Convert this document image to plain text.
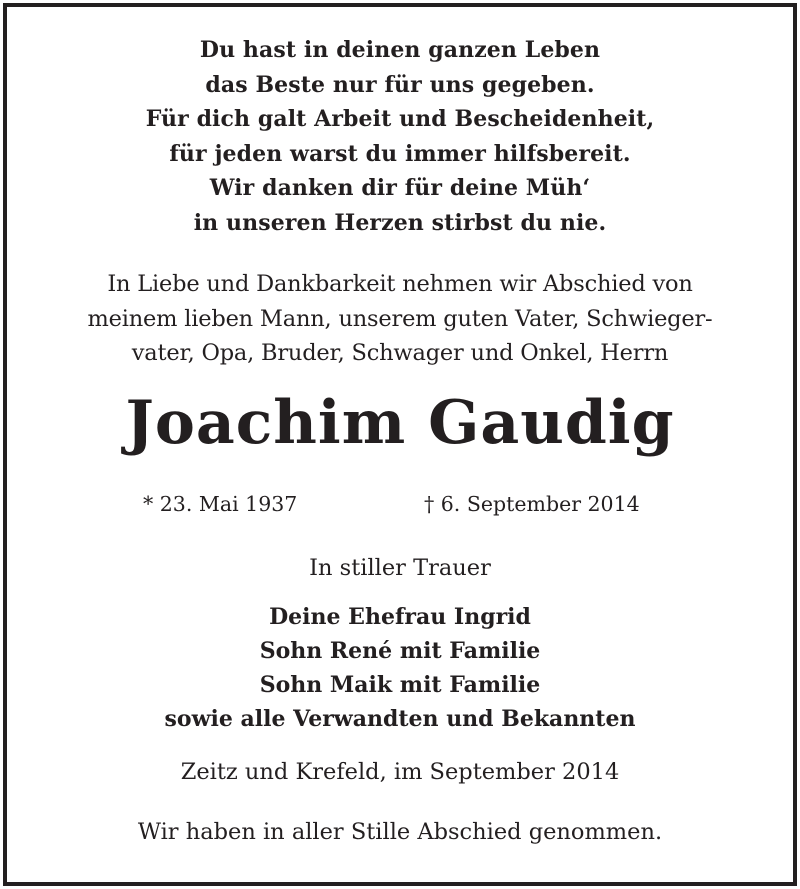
Du hast in deinen ganzen Leben

das Beste nur für uns gegeben.

Für dich galt Arbeit und Bescheidenheit,

für jeden warst du immer hilfsbereit.

Wir danken dir für deine Müh‘

in unseren Herzen stirbst du nie.

In Liebe und Dankbarkeit nehmen wir Abschied von

meinem lieben Mann, unserem guten Vater, Schwieger-

vater, Opa, Bruder, Schwager und Onkel, Herrn

Joachim Gaudig
* 23. Mai 1937	† 6. September 2014

In stiller Trauer

Deine Ehefrau Ingrid

Sohn René mit Familie

Sohn Maik mit Familie

sowie alle Verwandten und Bekannten

Zeitz und Krefeld, im September 2014

Wir haben in aller Stille Abschied genommen.
